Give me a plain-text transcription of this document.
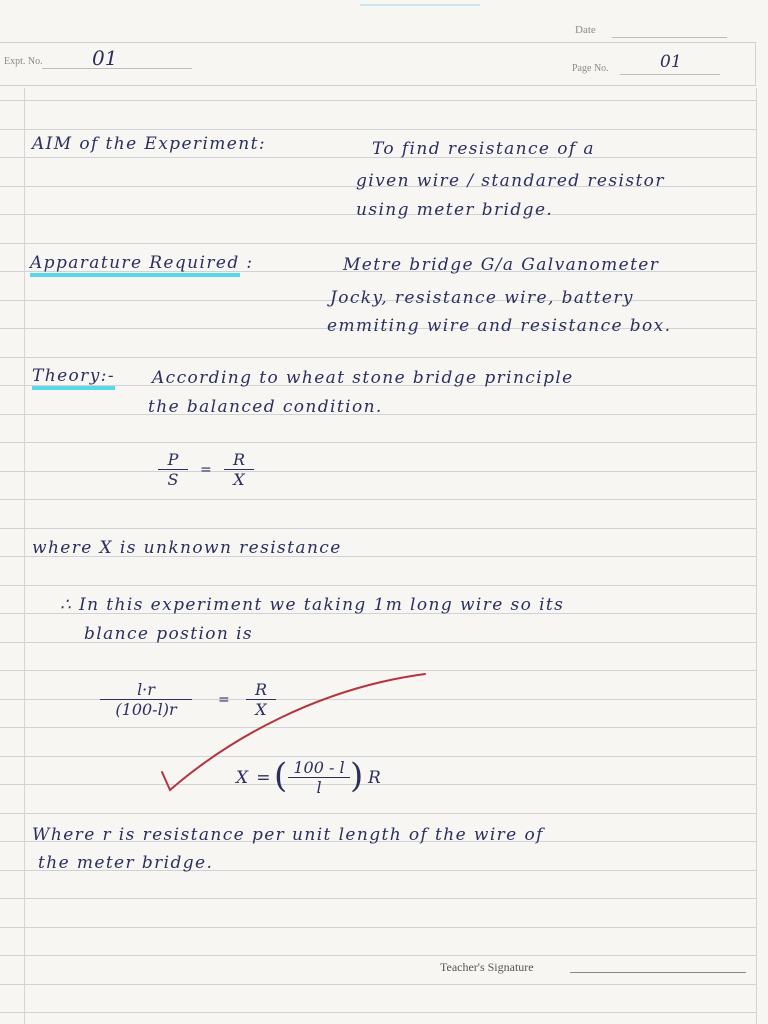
Date
Expt. No. 01	Page No.	01
AIM of the Experiment:	To find resistance of a
given wire / standared resistor
using meter bridge.
Apparature Required :	Metre bridge G/a Galvanometer
Jocky, resistance wire, battery
emmiting wire and resistance box.
Theory:- According to wheat stone bridge principle
the balanced condition.
$\frac{P}{S} = \frac{R}{X}$
where X is unknown resistance
∴ In this experiment we taking 1m long wire so its
blance postion is
$\frac{l\cdot r}{(100-l)r} = \frac{R}{X}$
X = ( $\frac{100 - l}{l}$ ) R
Where r is resistance per unit length of the wire of
the meter bridge.
Teacher's Signature
